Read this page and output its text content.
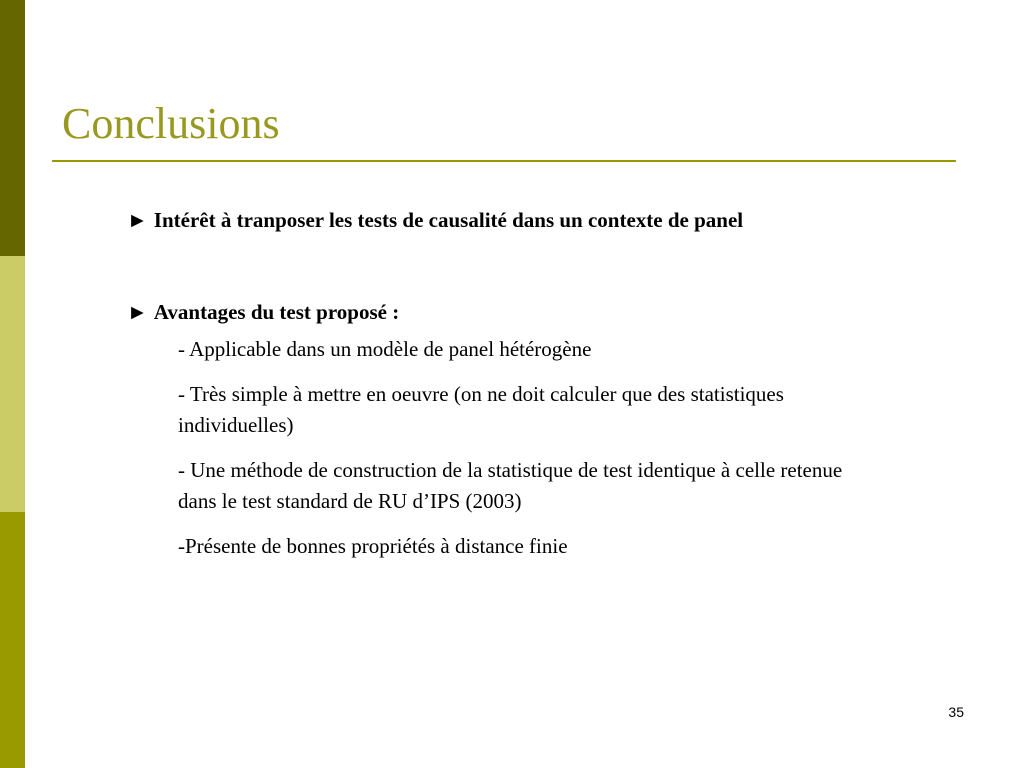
Conclusions

► Intérêt à tranposer les tests de causalité dans un contexte de panel

► Avantages du test proposé :

- Applicable dans un modèle de panel hétérogène

- Très simple à mettre en oeuvre (on ne doit calculer que des statistiques individuelles)

- Une méthode de construction de la statistique de test identique à celle retenue dans le test standard de RU d’IPS (2003)

-Présente de bonnes propriétés à distance finie

35
